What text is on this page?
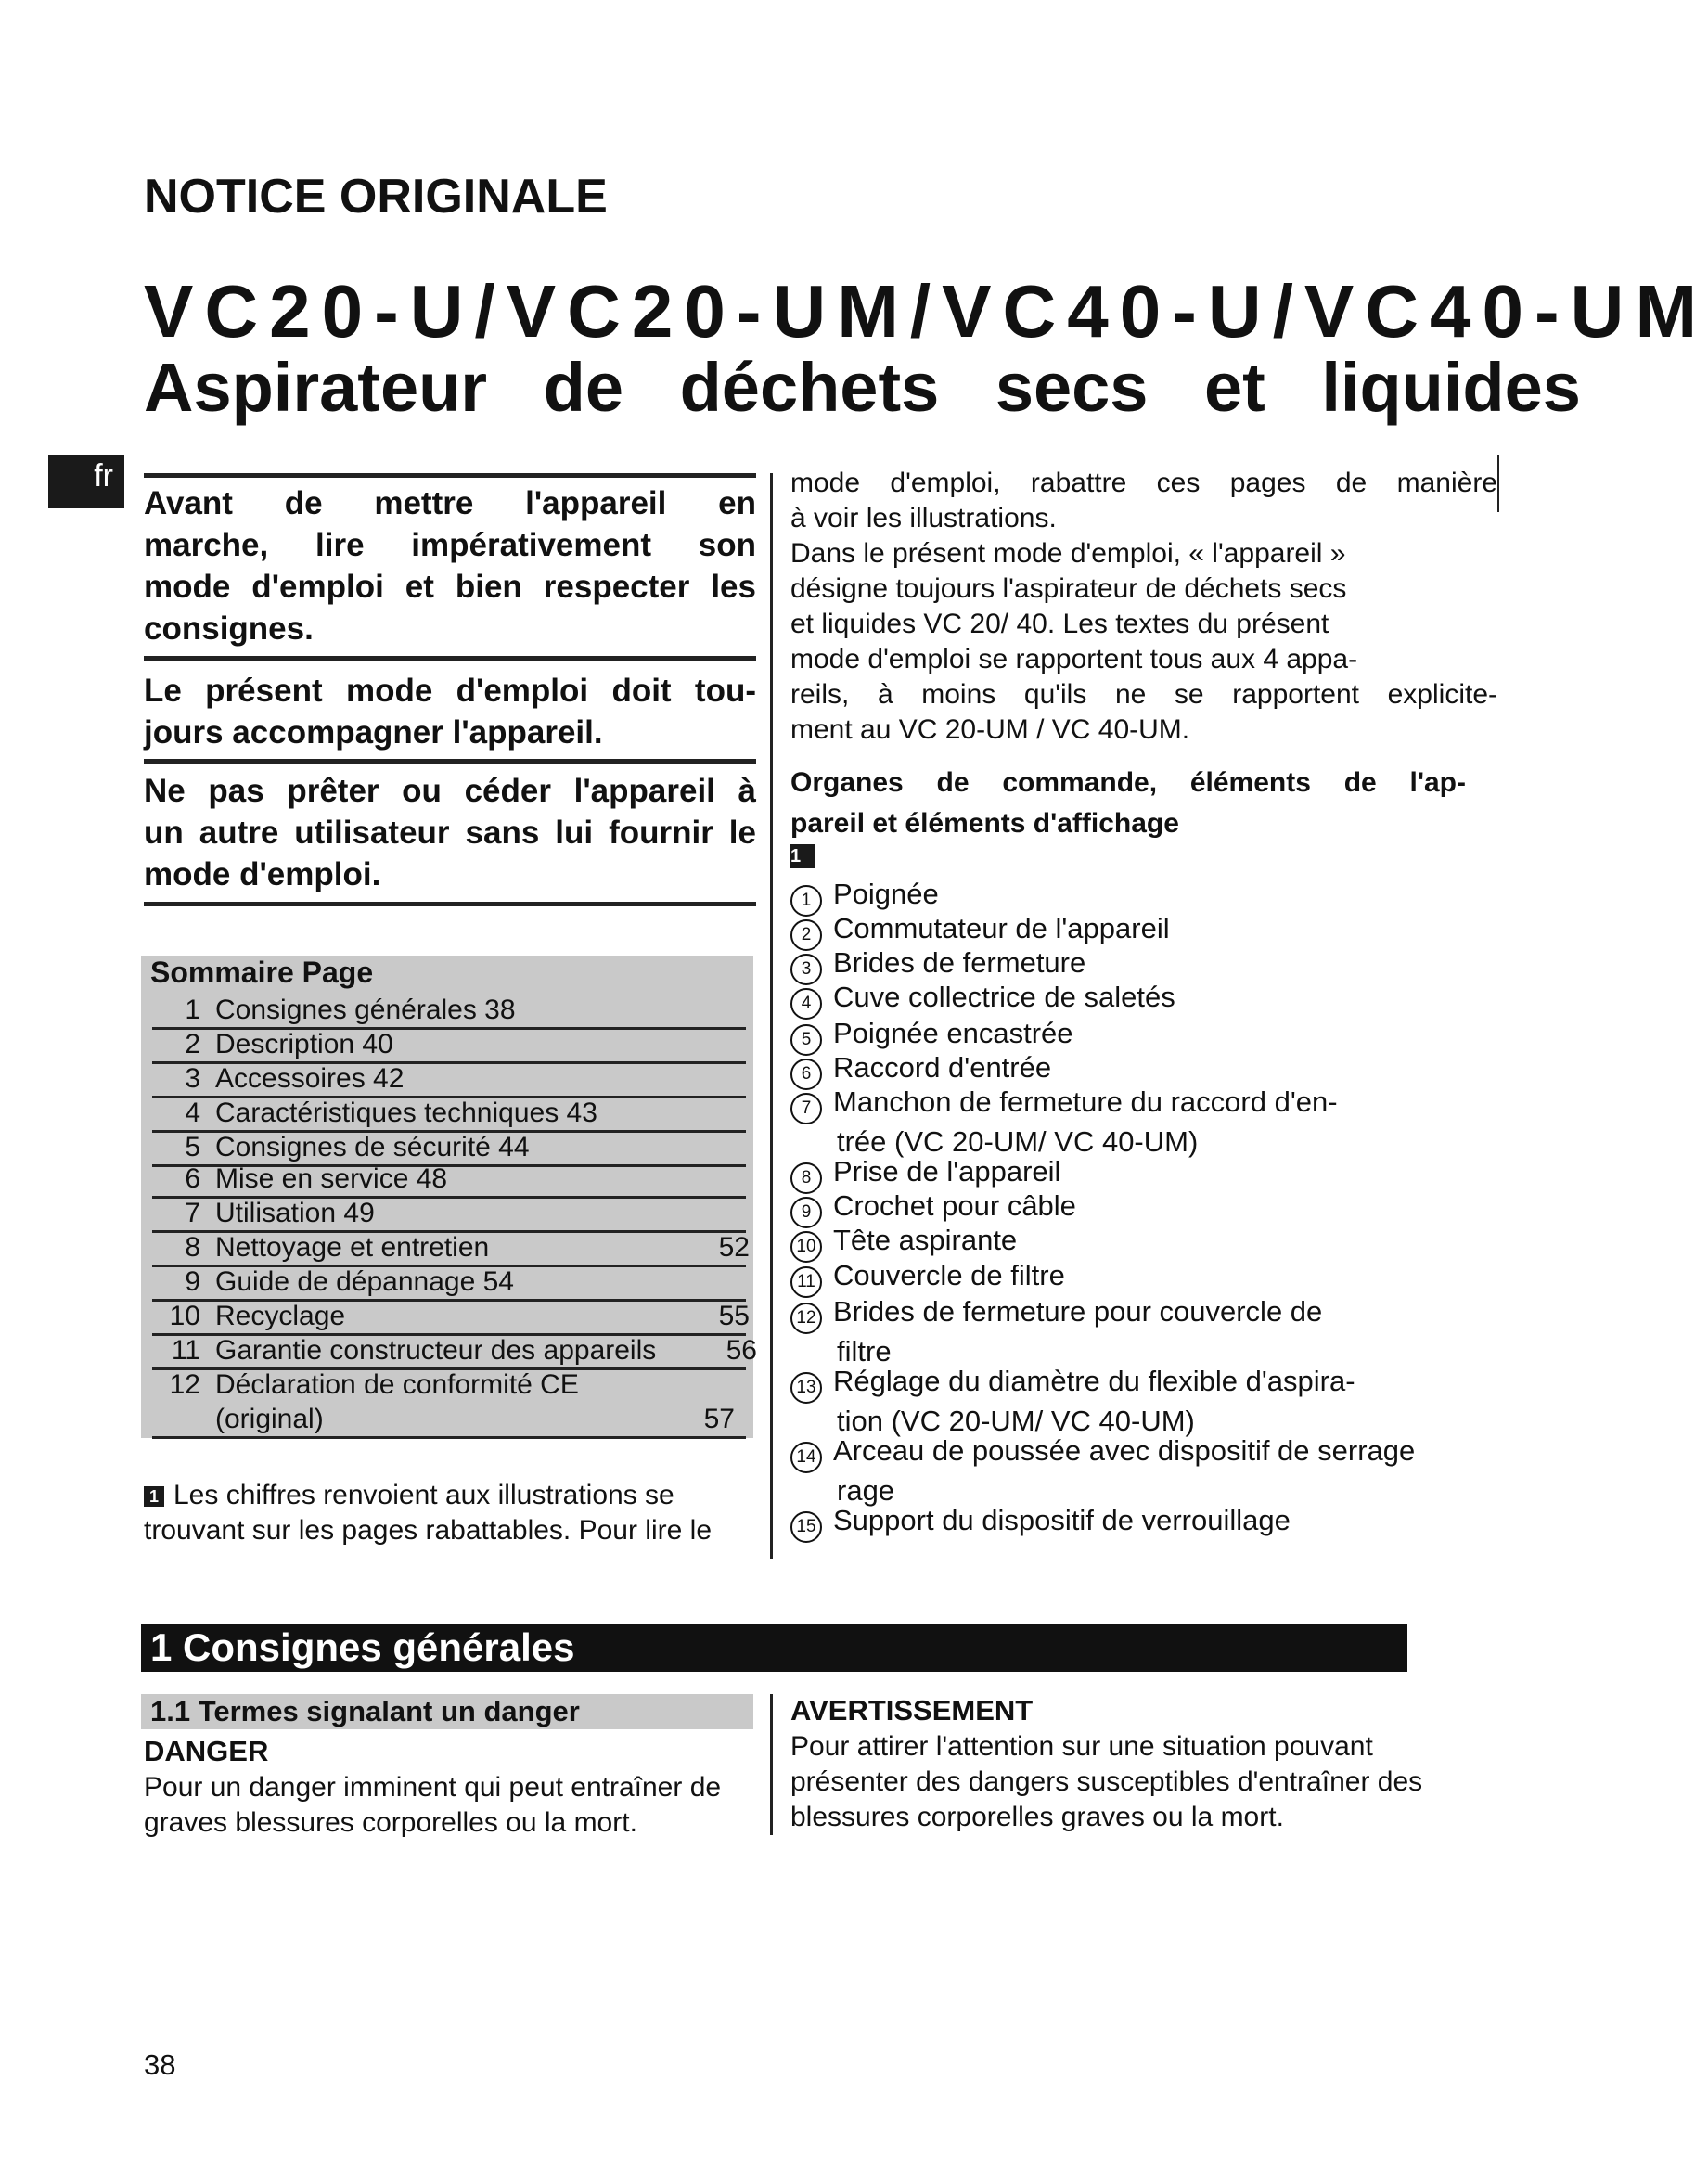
NOTICE ORIGINALE
VC20-U/VC20-UM/VC40-U/VC40-UM
Aspirateur de déchets secs et liquides
fr
Avant de mettre l'appareil en
marche, lire impérativement son
mode d'emploi et bien respecter les
consignes.
Le présent mode d'emploi doit tou-
jours accompagner l'appareil.
Ne pas prêter ou céder l'appareil à
un autre utilisateur sans lui fournir le
mode d'emploi.
Sommaire Page
1 Consignes générales 38
2 Description 40
3 Accessoires 42
4 Caractéristiques techniques 43
5 Consignes de sécurité 44
6 Mise en service 48
7 Utilisation 49
8 Nettoyage et entretien	52
9 Guide de dépannage 54
10 Recyclage	55
11 Garantie constructeur des appareils	56
12 Déclaration de conformité CE
(original)	57
1 Les chiffres renvoient aux illustrations se trouvant sur les pages rabattables. Pour lire le
mode d'emploi, rabattre ces pages de manière
à voir les illustrations.
Dans le présent mode d'emploi, « l'appareil »
désigne toujours l'aspirateur de déchets secs
et liquides VC 20/ 40. Les textes du présent
mode d'emploi se rapportent tous aux 4 appa-
reils, à moins qu'ils ne se rapportent explicite-
ment au VC 20-UM / VC 40-UM.
Organes de commande, éléments de l'ap-
pareil et éléments d'affichage
1
1 Poignée
2 Commutateur de l'appareil
3 Brides de fermeture
4 Cuve collectrice de saletés
5 Poignée encastrée
6 Raccord d'entrée
7 Manchon de fermeture du raccord d'en-
trée (VC 20-UM/ VC 40-UM)
8 Prise de l'appareil
9 Crochet pour câble
10 Tête aspirante
11 Couvercle de filtre
12 Brides de fermeture pour couvercle de
filtre
13 Réglage du diamètre du flexible d'aspira-
tion (VC 20-UM/ VC 40-UM)
14 Arceau de poussée avec dispositif de serrage
rage
15 Support du dispositif de verrouillage
1 Consignes générales
1.1 Termes signalant un danger
DANGER
Pour un danger imminent qui peut entraîner de graves blessures corporelles ou la mort.
AVERTISSEMENT
Pour attirer l'attention sur une situation pouvant présenter des dangers susceptibles d'entraîner des blessures corporelles graves ou la mort.
38
